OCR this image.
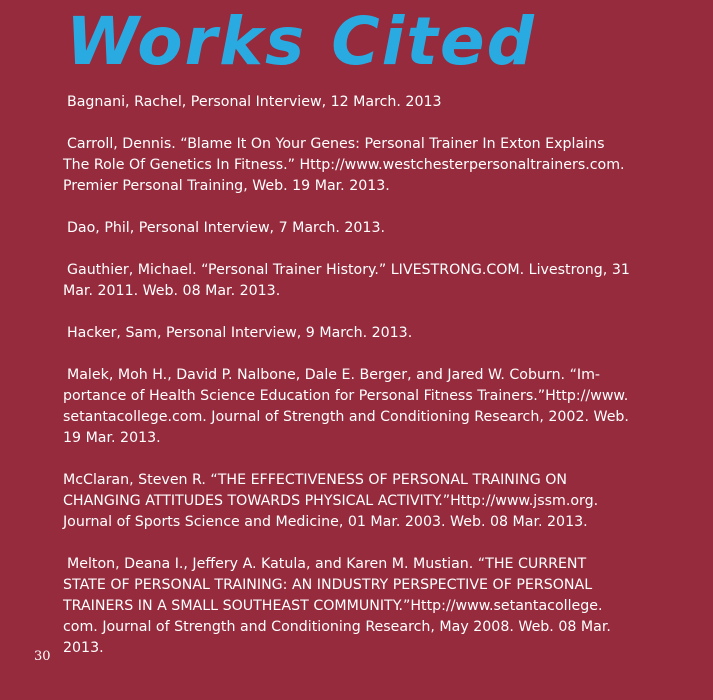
Works Cited
Bagnani, Rachel, Personal Interview, 12 March. 2013
Carroll, Dennis. “Blame It On Your Genes: Personal Trainer In Exton Explains
The Role Of Genetics In Fitness.” Http://www.westchesterpersonaltrainers.com.
Premier Personal Training, Web. 19 Mar. 2013.
Dao, Phil, Personal Interview, 7 March. 2013.
Gauthier, Michael. “Personal Trainer History.” LIVESTRONG.COM. Livestrong, 31
Mar. 2011. Web. 08 Mar. 2013.
Hacker, Sam, Personal Interview, 9 March. 2013.
Malek, Moh H., David P. Nalbone, Dale E. Berger, and Jared W. Coburn. “Im-
portance of Health Science Education for Personal Fitness Trainers.”Http://www.
setantacollege.com. Journal of Strength and Conditioning Research, 2002. Web.
19 Mar. 2013.
McClaran, Steven R. “THE EFFECTIVENESS OF PERSONAL TRAINING ON
CHANGING ATTITUDES TOWARDS PHYSICAL ACTIVITY.”Http://www.jssm.org.
Journal of Sports Science and Medicine, 01 Mar. 2003. Web. 08 Mar. 2013.
Melton, Deana I., Jeffery A. Katula, and Karen M. Mustian. “THE CURRENT
STATE OF PERSONAL TRAINING: AN INDUSTRY PERSPECTIVE OF PERSONAL
TRAINERS IN A SMALL SOUTHEAST COMMUNITY.”Http://www.setantacollege.
com. Journal of Strength and Conditioning Research, May 2008. Web. 08 Mar.
2013.
30
